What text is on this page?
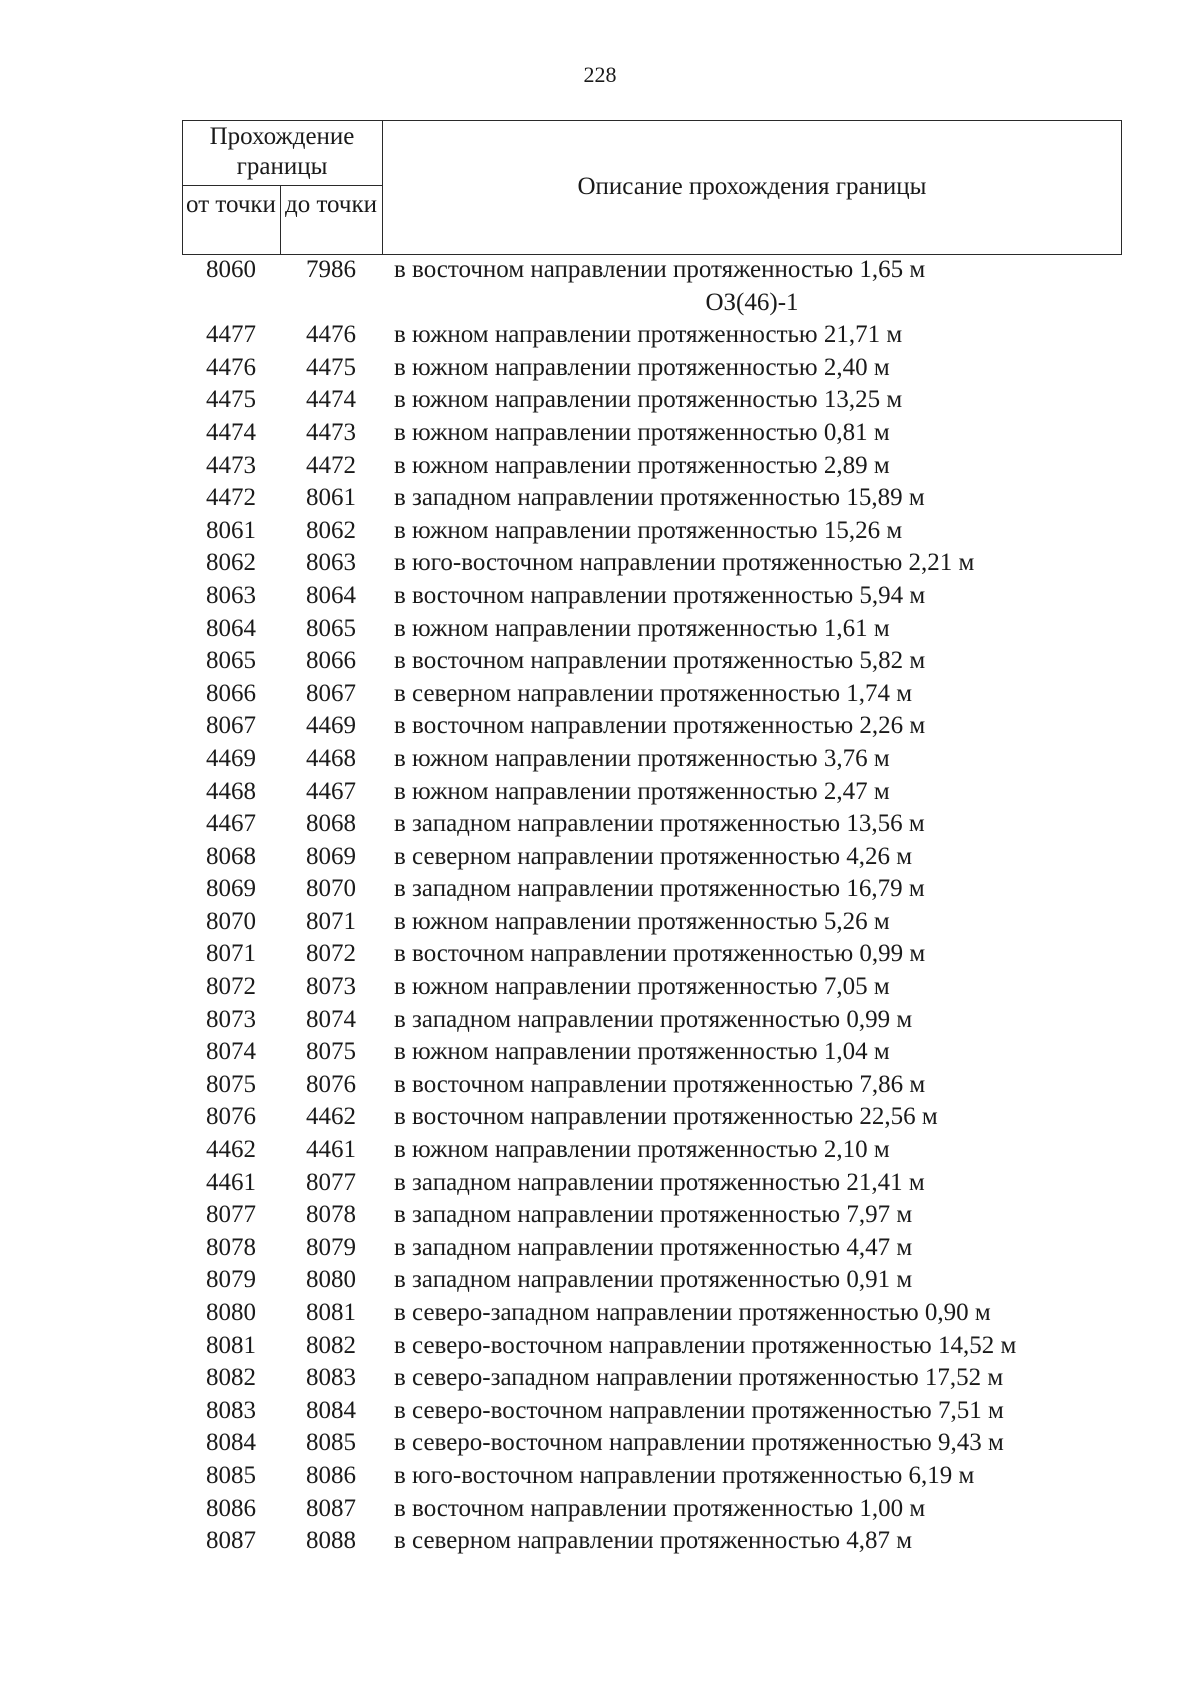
228
Прохождение границы
от точки до точки
Описание прохождения границы
8060	7986	в восточном направлении протяженностью 1,65 м
ОЗ(46)-1
4477	4476	в южном направлении протяженностью 21,71 м
4476	4475	в южном направлении протяженностью 2,40 м
4475	4474	в южном направлении протяженностью 13,25 м
4474	4473	в южном направлении протяженностью 0,81 м
4473	4472	в южном направлении протяженностью 2,89 м
4472	8061	в западном направлении протяженностью 15,89 м
8061	8062	в южном направлении протяженностью 15,26 м
8062	8063	в юго-восточном направлении протяженностью 2,21 м
8063	8064	в восточном направлении протяженностью 5,94 м
8064	8065	в южном направлении протяженностью 1,61 м
8065	8066	в восточном направлении протяженностью 5,82 м
8066	8067	в северном направлении протяженностью 1,74 м
8067	4469	в восточном направлении протяженностью 2,26 м
4469	4468	в южном направлении протяженностью 3,76 м
4468	4467	в южном направлении протяженностью 2,47 м
4467	8068	в западном направлении протяженностью 13,56 м
8068	8069	в северном направлении протяженностью 4,26 м
8069	8070	в западном направлении протяженностью 16,79 м
8070	8071	в южном направлении протяженностью 5,26 м
8071	8072	в восточном направлении протяженностью 0,99 м
8072	8073	в южном направлении протяженностью 7,05 м
8073	8074	в западном направлении протяженностью 0,99 м
8074	8075	в южном направлении протяженностью 1,04 м
8075	8076	в восточном направлении протяженностью 7,86 м
8076	4462	в восточном направлении протяженностью 22,56 м
4462	4461	в южном направлении протяженностью 2,10 м
4461	8077	в западном направлении протяженностью 21,41 м
8077	8078	в западном направлении протяженностью 7,97 м
8078	8079	в западном направлении протяженностью 4,47 м
8079	8080	в западном направлении протяженностью 0,91 м
8080	8081	в северо-западном направлении протяженностью 0,90 м
8081	8082	в северо-восточном направлении протяженностью 14,52 м
8082	8083	в северо-западном направлении протяженностью 17,52 м
8083	8084	в северо-восточном направлении протяженностью 7,51 м
8084	8085	в северо-восточном направлении протяженностью 9,43 м
8085	8086	в юго-восточном направлении протяженностью 6,19 м
8086	8087	в восточном направлении протяженностью 1,00 м
8087	8088	в северном направлении протяженностью 4,87 м
